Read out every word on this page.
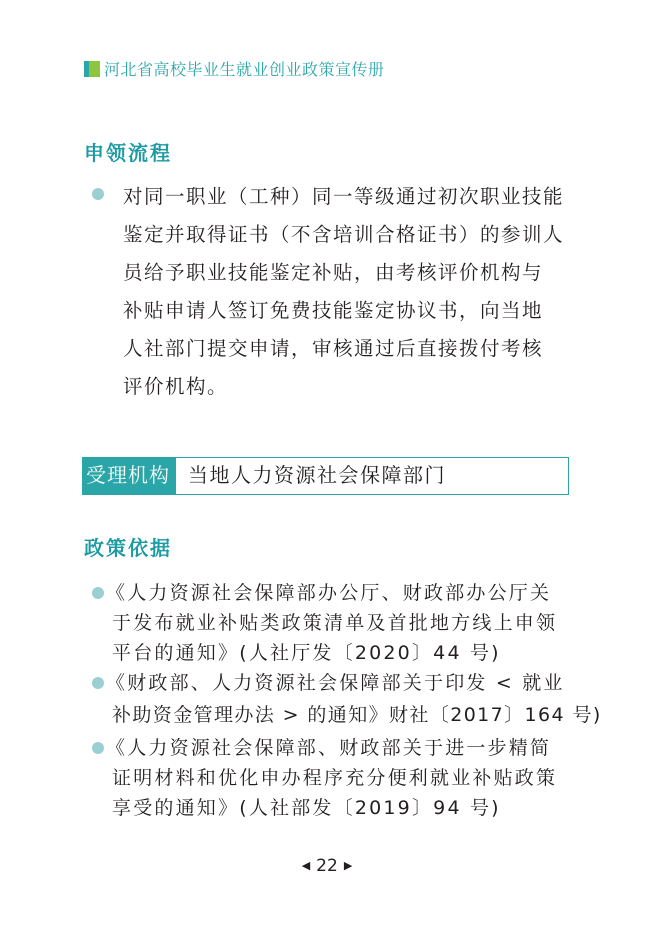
河北省高校毕业生就业创业政策宣传册
申领流程
对同一职业（工种）同一等级通过初次职业技能
鉴定并取得证书（不含培训合格证书）的参训人
员给予职业技能鉴定补贴，由考核评价机构与
补贴申请人签订免费技能鉴定协议书，向当地
人社部门提交申请，审核通过后直接拨付考核
评价机构。
受理机构 当地人力资源社会保障部门
政策依据
《人力资源社会保障部办公厅、财政部办公厅关
于发布就业补贴类政策清单及首批地方线上申领
平台的通知》(人社厅发〔2020〕44 号)
《财政部、人力资源社会保障部关于印发 < 就业
补助资金管理办法 > 的通知》财社〔2017〕164 号)
《人力资源社会保障部、财政部关于进一步精简
证明材料和优化申办程序充分便利就业补贴政策
享受的通知》(人社部发〔2019〕94 号)
◀ 22 ▶
